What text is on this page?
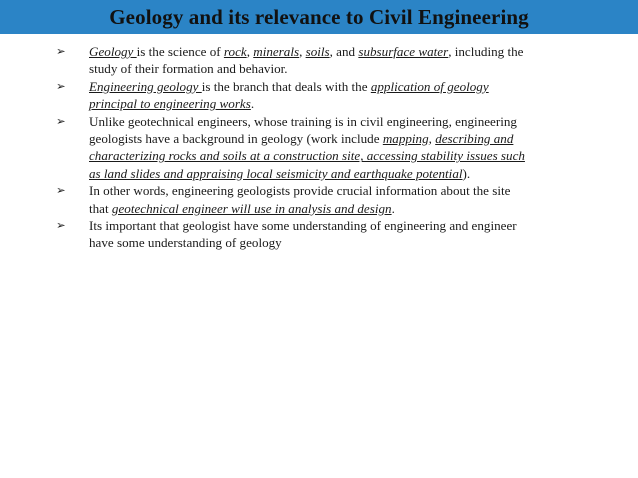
Geology and its relevance to Civil Engineering

➢	Geology is the science of rock, minerals, soils, and subsurface water, including the study of their formation and behavior.

➢	Engineering geology is the branch that deals with the application of geology principal to engineering works.

➢	Unlike geotechnical engineers, whose training is in civil engineering, engineering geologists have a background in geology (work include mapping, describing and characterizing rocks and soils at a construction site, accessing stability issues such as land slides and appraising local seismicity and earthquake potential).

➢	In other words, engineering geologists provide crucial information about the site that geotechnical engineer will use in analysis and design.

➢	Its important that geologist have some understanding of engineering and engineer have some understanding of geology
